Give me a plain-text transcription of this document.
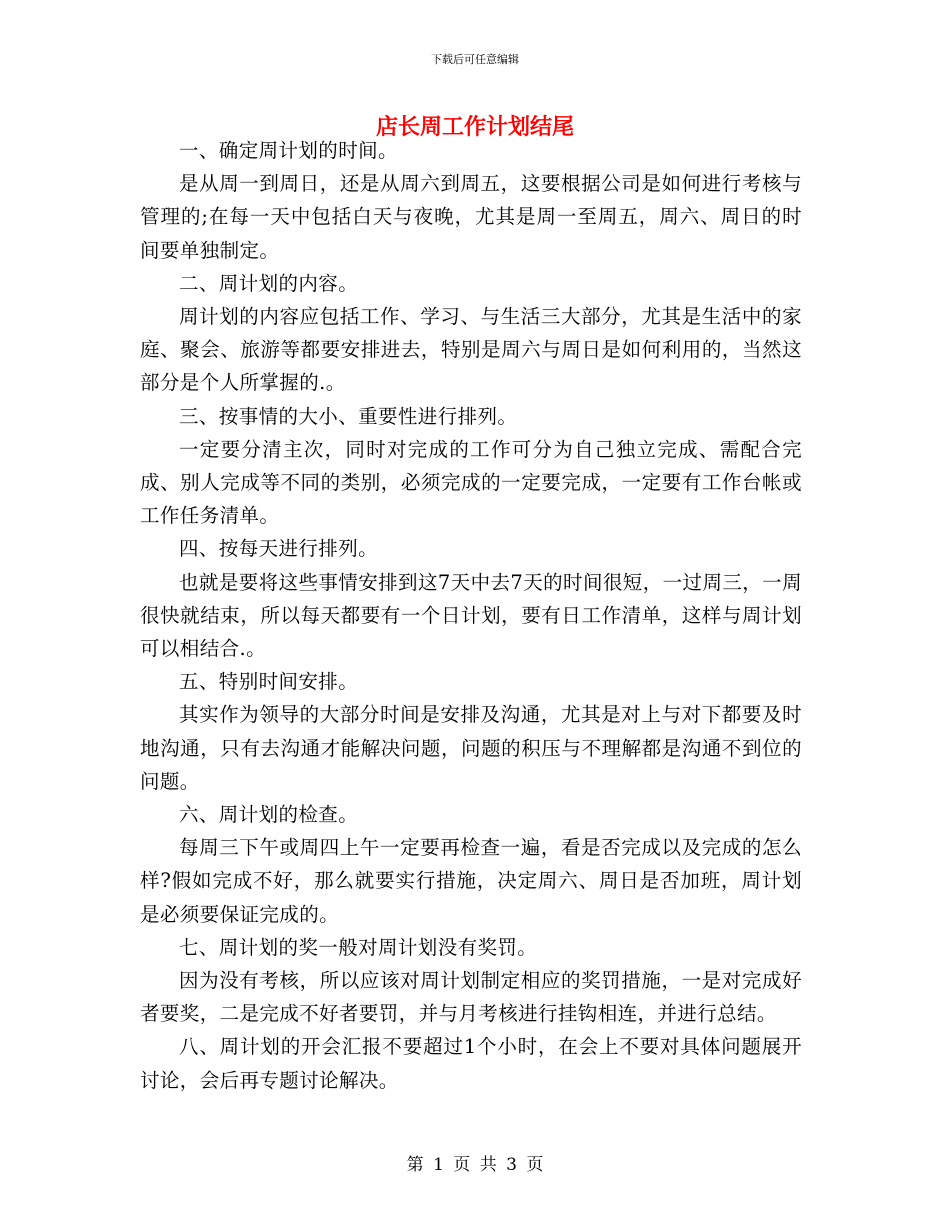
下载后可任意编辑
店长周工作计划结尾

一、确定周计划的时间。

是从周一到周日，还是从周六到周五，这要根据公司是如何进行考核与管理的;在每一天中包括白天与夜晚，尤其是周一至周五，周六、周日的时间要单独制定。

二、周计划的内容。

周计划的内容应包括工作、学习、与生活三大部分，尤其是生活中的家庭、聚会、旅游等都要安排进去，特别是周六与周日是如何利用的，当然这部分是个人所掌握的.。

三、按事情的大小、重要性进行排列。

一定要分清主次，同时对完成的工作可分为自己独立完成、需配合完成、别人完成等不同的类别，必须完成的一定要完成，一定要有工作台帐或工作任务清单。

四、按每天进行排列。

也就是要将这些事情安排到这7天中去7天的时间很短，一过周三，一周很快就结束，所以每天都要有一个日计划，要有日工作清单，这样与周计划可以相结合.。

五、特别时间安排。

其实作为领导的大部分时间是安排及沟通，尤其是对上与对下都要及时地沟通，只有去沟通才能解决问题，问题的积压与不理解都是沟通不到位的问题。

六、周计划的检查。

每周三下午或周四上午一定要再检查一遍，看是否完成以及完成的怎么样?假如完成不好，那么就要实行措施，决定周六、周日是否加班，周计划是必须要保证完成的。

七、周计划的奖一般对周计划没有奖罚。

因为没有考核，所以应该对周计划制定相应的奖罚措施，一是对完成好者要奖，二是完成不好者要罚，并与月考核进行挂钩相连，并进行总结。

八、周计划的开会汇报不要超过1个小时，在会上不要对具体问题展开讨论，会后再专题讨论解决。

第 1 页 共 3 页
